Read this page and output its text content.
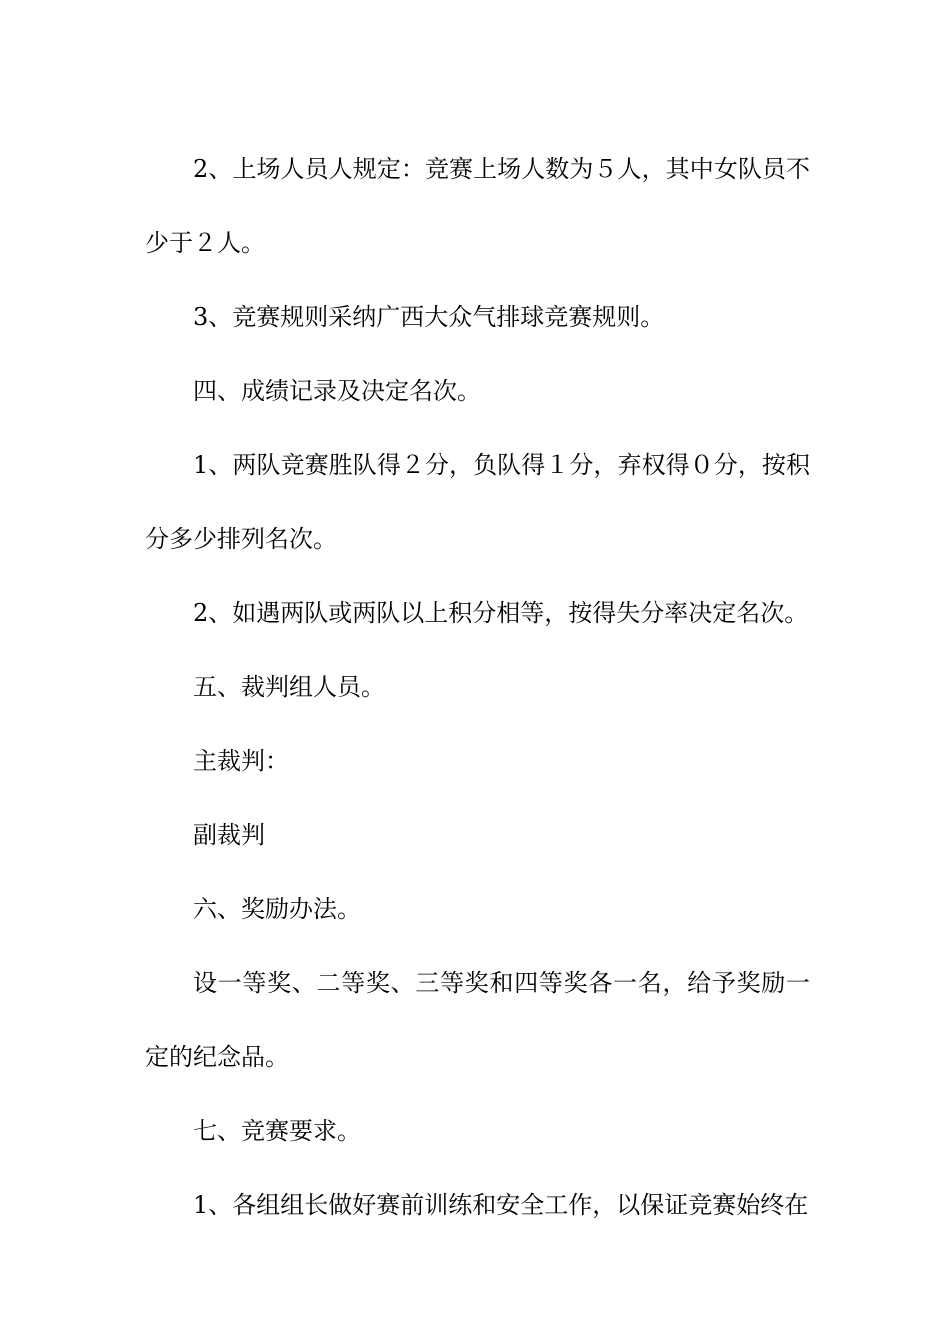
2、上场人员人规定：竞赛上场人数为５人，其中女队员不少于２人。

3、竞赛规则采纳广西大众气排球竞赛规则。

四、成绩记录及决定名次。

1、两队竞赛胜队得２分，负队得１分，弃权得０分，按积分多少排列名次。

2、如遇两队或两队以上积分相等，按得失分率决定名次。

五、裁判组人员。

主裁判：

副裁判

六、奖励办法。

设一等奖、二等奖、三等奖和四等奖各一名，给予奖励一定的纪念品。

七、竞赛要求。

1、各组组长做好赛前训练和安全工作，以保证竞赛始终在
